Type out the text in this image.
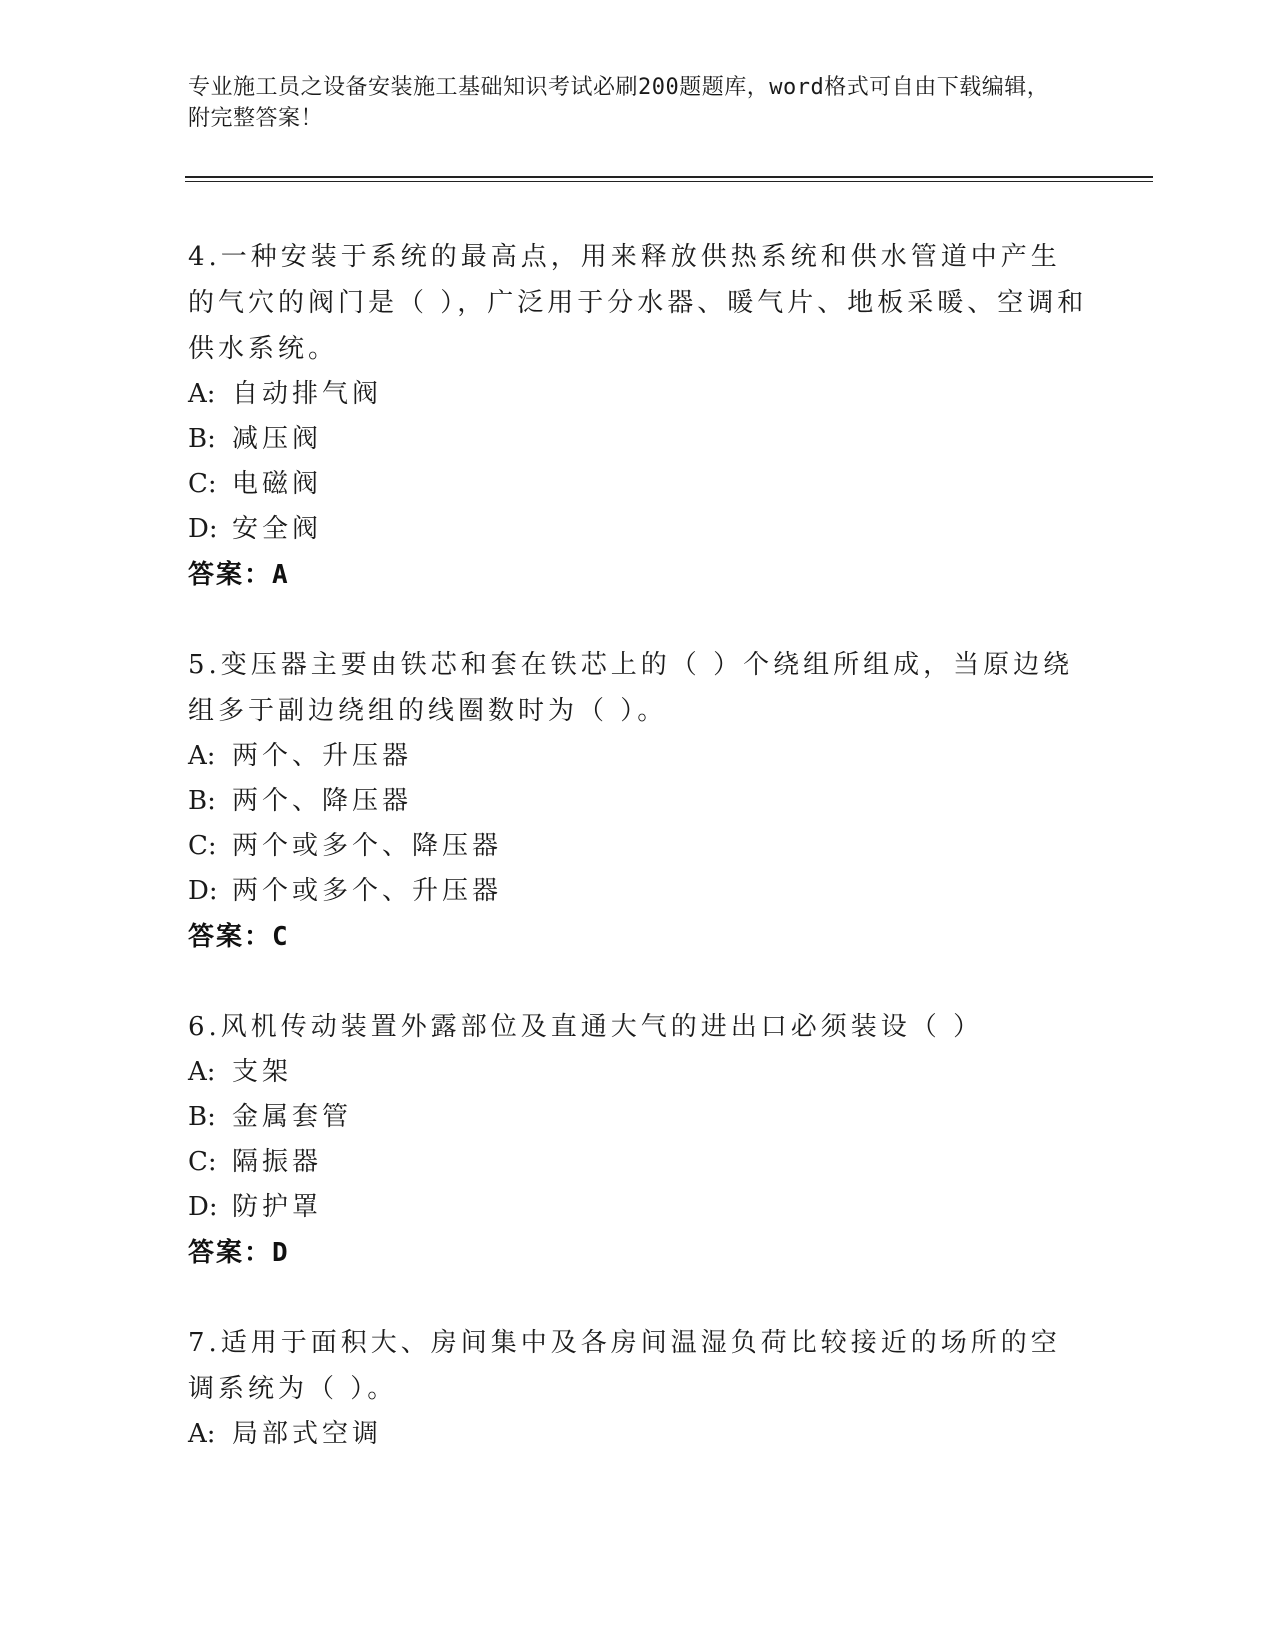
专业施工员之设备安装施工基础知识考试必刷200题题库，word格式可自由下载编辑，附完整答案！

4.一种安装于系统的最高点，用来释放供热系统和供水管道中产生的气穴的阀门是（ ），广泛用于分水器、暖气片、地板采暖、空调和供水系统。

A: 自动排气阀

B: 减压阀

C: 电磁阀

D: 安全阀

答案：A

5.变压器主要由铁芯和套在铁芯上的（ ）个绕组所组成，当原边绕组多于副边绕组的线圈数时为（ ）。

A: 两个、升压器

B: 两个、降压器

C: 两个或多个、降压器

D: 两个或多个、升压器

答案：C

6.风机传动装置外露部位及直通大气的进出口必须装设（ ）

A: 支架

B: 金属套管

C: 隔振器

D: 防护罩

答案：D

7.适用于面积大、房间集中及各房间温湿负荷比较接近的场所的空调系统为（ ）。

A: 局部式空调
